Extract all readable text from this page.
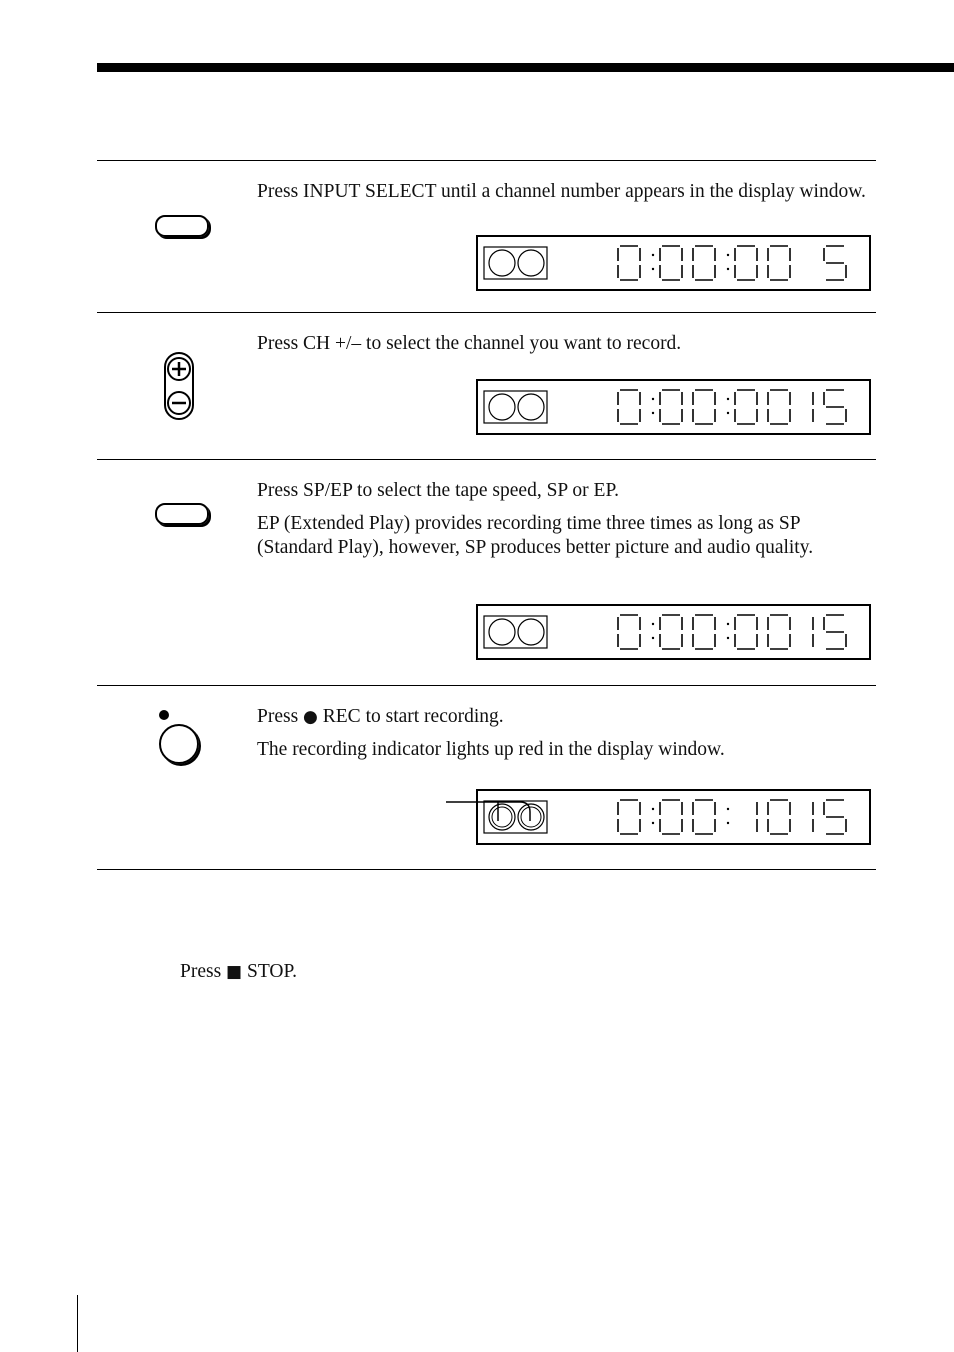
Press INPUT SELECT until a channel number appears in the display window.

Press CH +/– to select the channel you want to record.

Press SP/EP to select the tape speed, SP or EP.

EP (Extended Play) provides recording time three times as long as SP (Standard Play), however, SP produces better picture and audio quality.

Press ● REC to start recording.

The recording indicator lights up red in the display window.

Press ■ STOP.
